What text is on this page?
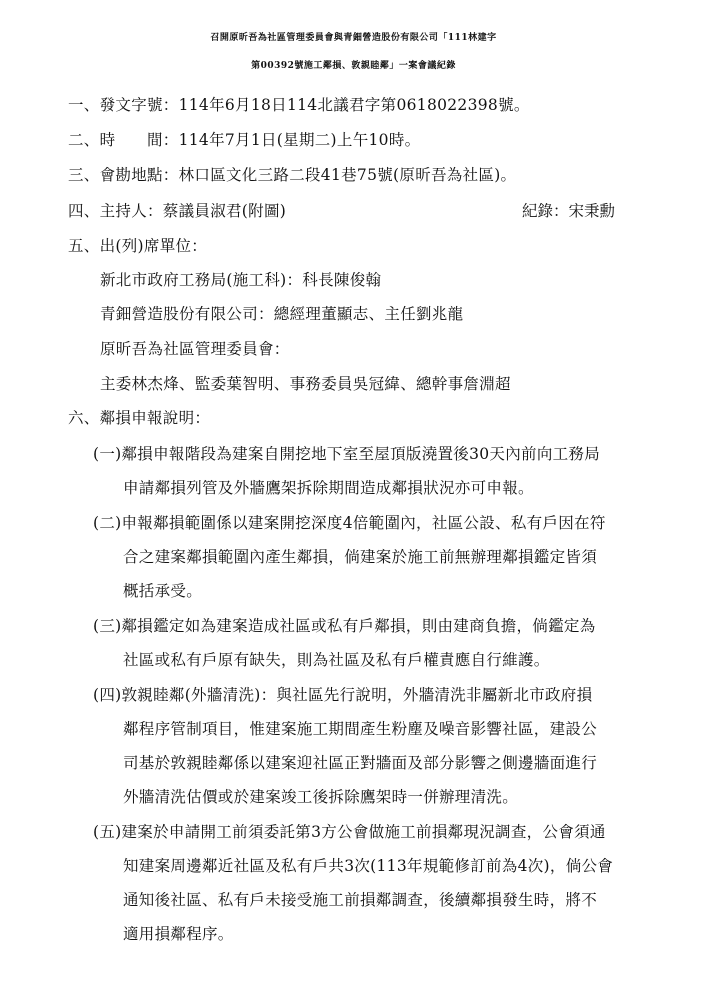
召開原昕吾為社區管理委員會與青鈿營造股份有限公司「111林建字
第00392號施工鄰損、敦親睦鄰」一案會議紀錄
一、發文字號：114年6月18日114北議君字第0618022398號。
二、時　　間：114年7月1日(星期二)上午10時。
三、會勘地點：林口區文化三路二段41巷75號(原昕吾為社區)。
四、主持人：蔡議員淑君(附圖)	紀錄：宋秉勳
五、出(列)席單位：
新北市政府工務局(施工科)：科長陳俊翰
青鈿營造股份有限公司：總經理董顯志、主任劉兆龍
原昕吾為社區管理委員會：
主委林杰烽、監委葉智明、事務委員吳冠緯、總幹事詹淵超
六、鄰損申報說明：
(一)鄰損申報階段為建案自開挖地下室至屋頂版澆置後30天內前向工務局
申請鄰損列管及外牆鷹架拆除期間造成鄰損狀況亦可申報。
(二)申報鄰損範圍係以建案開挖深度4倍範圍內，社區公設、私有戶因在符
合之建案鄰損範圍內產生鄰損，倘建案於施工前無辦理鄰損鑑定皆須
概括承受。
(三)鄰損鑑定如為建案造成社區或私有戶鄰損，則由建商負擔，倘鑑定為
社區或私有戶原有缺失，則為社區及私有戶權責應自行維護。
(四)敦親睦鄰(外牆清洗)：與社區先行說明，外牆清洗非屬新北市政府損
鄰程序管制項目，惟建案施工期間產生粉塵及噪音影響社區，建設公
司基於敦親睦鄰係以建案迎社區正對牆面及部分影響之側邊牆面進行
外牆清洗估價或於建案竣工後拆除鷹架時一併辦理清洗。
(五)建案於申請開工前須委託第3方公會做施工前損鄰現況調查，公會須通
知建案周邊鄰近社區及私有戶共3次(113年規範修訂前為4次)，倘公會
通知後社區、私有戶未接受施工前損鄰調查，後續鄰損發生時，將不
適用損鄰程序。
